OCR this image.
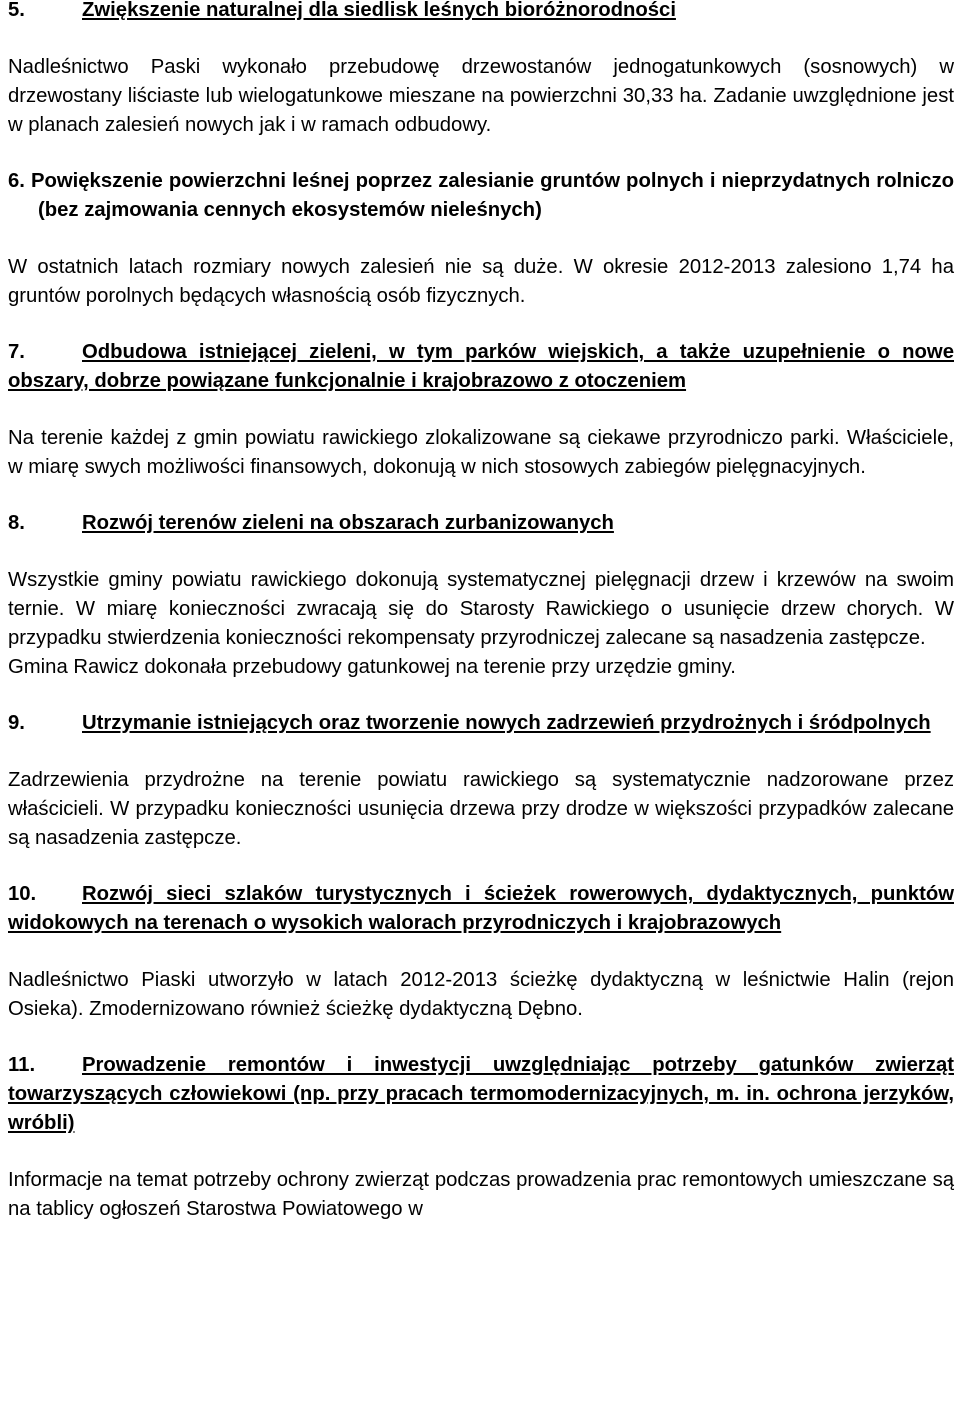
5.	Zwiększenie naturalnej dla siedlisk leśnych bioróżnorodności

Nadleśnictwo Paski wykonało przebudowę drzewostanów jednogatunkowych (sosnowych) w drzewostany liściaste lub wielogatunkowe mieszane na powierzchni 30,33 ha. Zadanie uwzględnione jest w planach zalesień nowych jak i w ramach odbudowy.

6. Powiększenie powierzchni leśnej poprzez zalesianie gruntów polnych i nieprzydatnych rolniczo (bez zajmowania cennych ekosystemów nieleśnych)

W ostatnich latach rozmiary nowych zalesień nie są duże. W okresie 2012-2013 zalesiono 1,74 ha gruntów porolnych będących własnością osób fizycznych.

7.	Odbudowa istniejącej zieleni, w tym parków wiejskich, a także uzupełnienie o nowe obszary, dobrze powiązane funkcjonalnie i krajobrazowo z otoczeniem

Na terenie każdej z gmin powiatu rawickiego zlokalizowane są ciekawe przyrodniczo parki. Właściciele, w miarę swych możliwości finansowych, dokonują w nich stosowych zabiegów pielęgnacyjnych.

8.	Rozwój terenów zieleni na obszarach zurbanizowanych

Wszystkie gminy powiatu rawickiego dokonują systematycznej pielęgnacji drzew i krzewów na swoim ternie. W miarę konieczności zwracają się do Starosty Rawickiego o usunięcie drzew chorych. W przypadku stwierdzenia konieczności rekompensaty przyrodniczej zalecane są nasadzenia zastępcze.

Gmina Rawicz dokonała przebudowy gatunkowej na terenie przy urzędzie gminy.

9.	Utrzymanie istniejących oraz tworzenie nowych zadrzewień przydrożnych i śródpolnych

Zadrzewienia przydrożne na terenie powiatu rawickiego są systematycznie nadzorowane przez właścicieli. W przypadku konieczności usunięcia drzewa przy drodze w większości przypadków zalecane są nasadzenia zastępcze.

10. Rozwój sieci szlaków turystycznych i ścieżek rowerowych, dydaktycznych, punktów widokowych na terenach o wysokich walorach przyrodniczych i krajobrazowych

Nadleśnictwo Piaski utworzyło w latach 2012-2013 ścieżkę dydaktyczną w leśnictwie Halin (rejon Osieka). Zmodernizowano również ścieżkę dydaktyczną Dębno.

11. Prowadzenie remontów i inwestycji uwzględniając potrzeby gatunków zwierząt towarzyszących człowiekowi (np. przy pracach termomodernizacyjnych, m. in. ochrona jerzyków, wróbli)

Informacje na temat potrzeby ochrony zwierząt podczas prowadzenia prac remontowych umieszczane są na tablicy ogłoszeń Starostwa Powiatowego w
